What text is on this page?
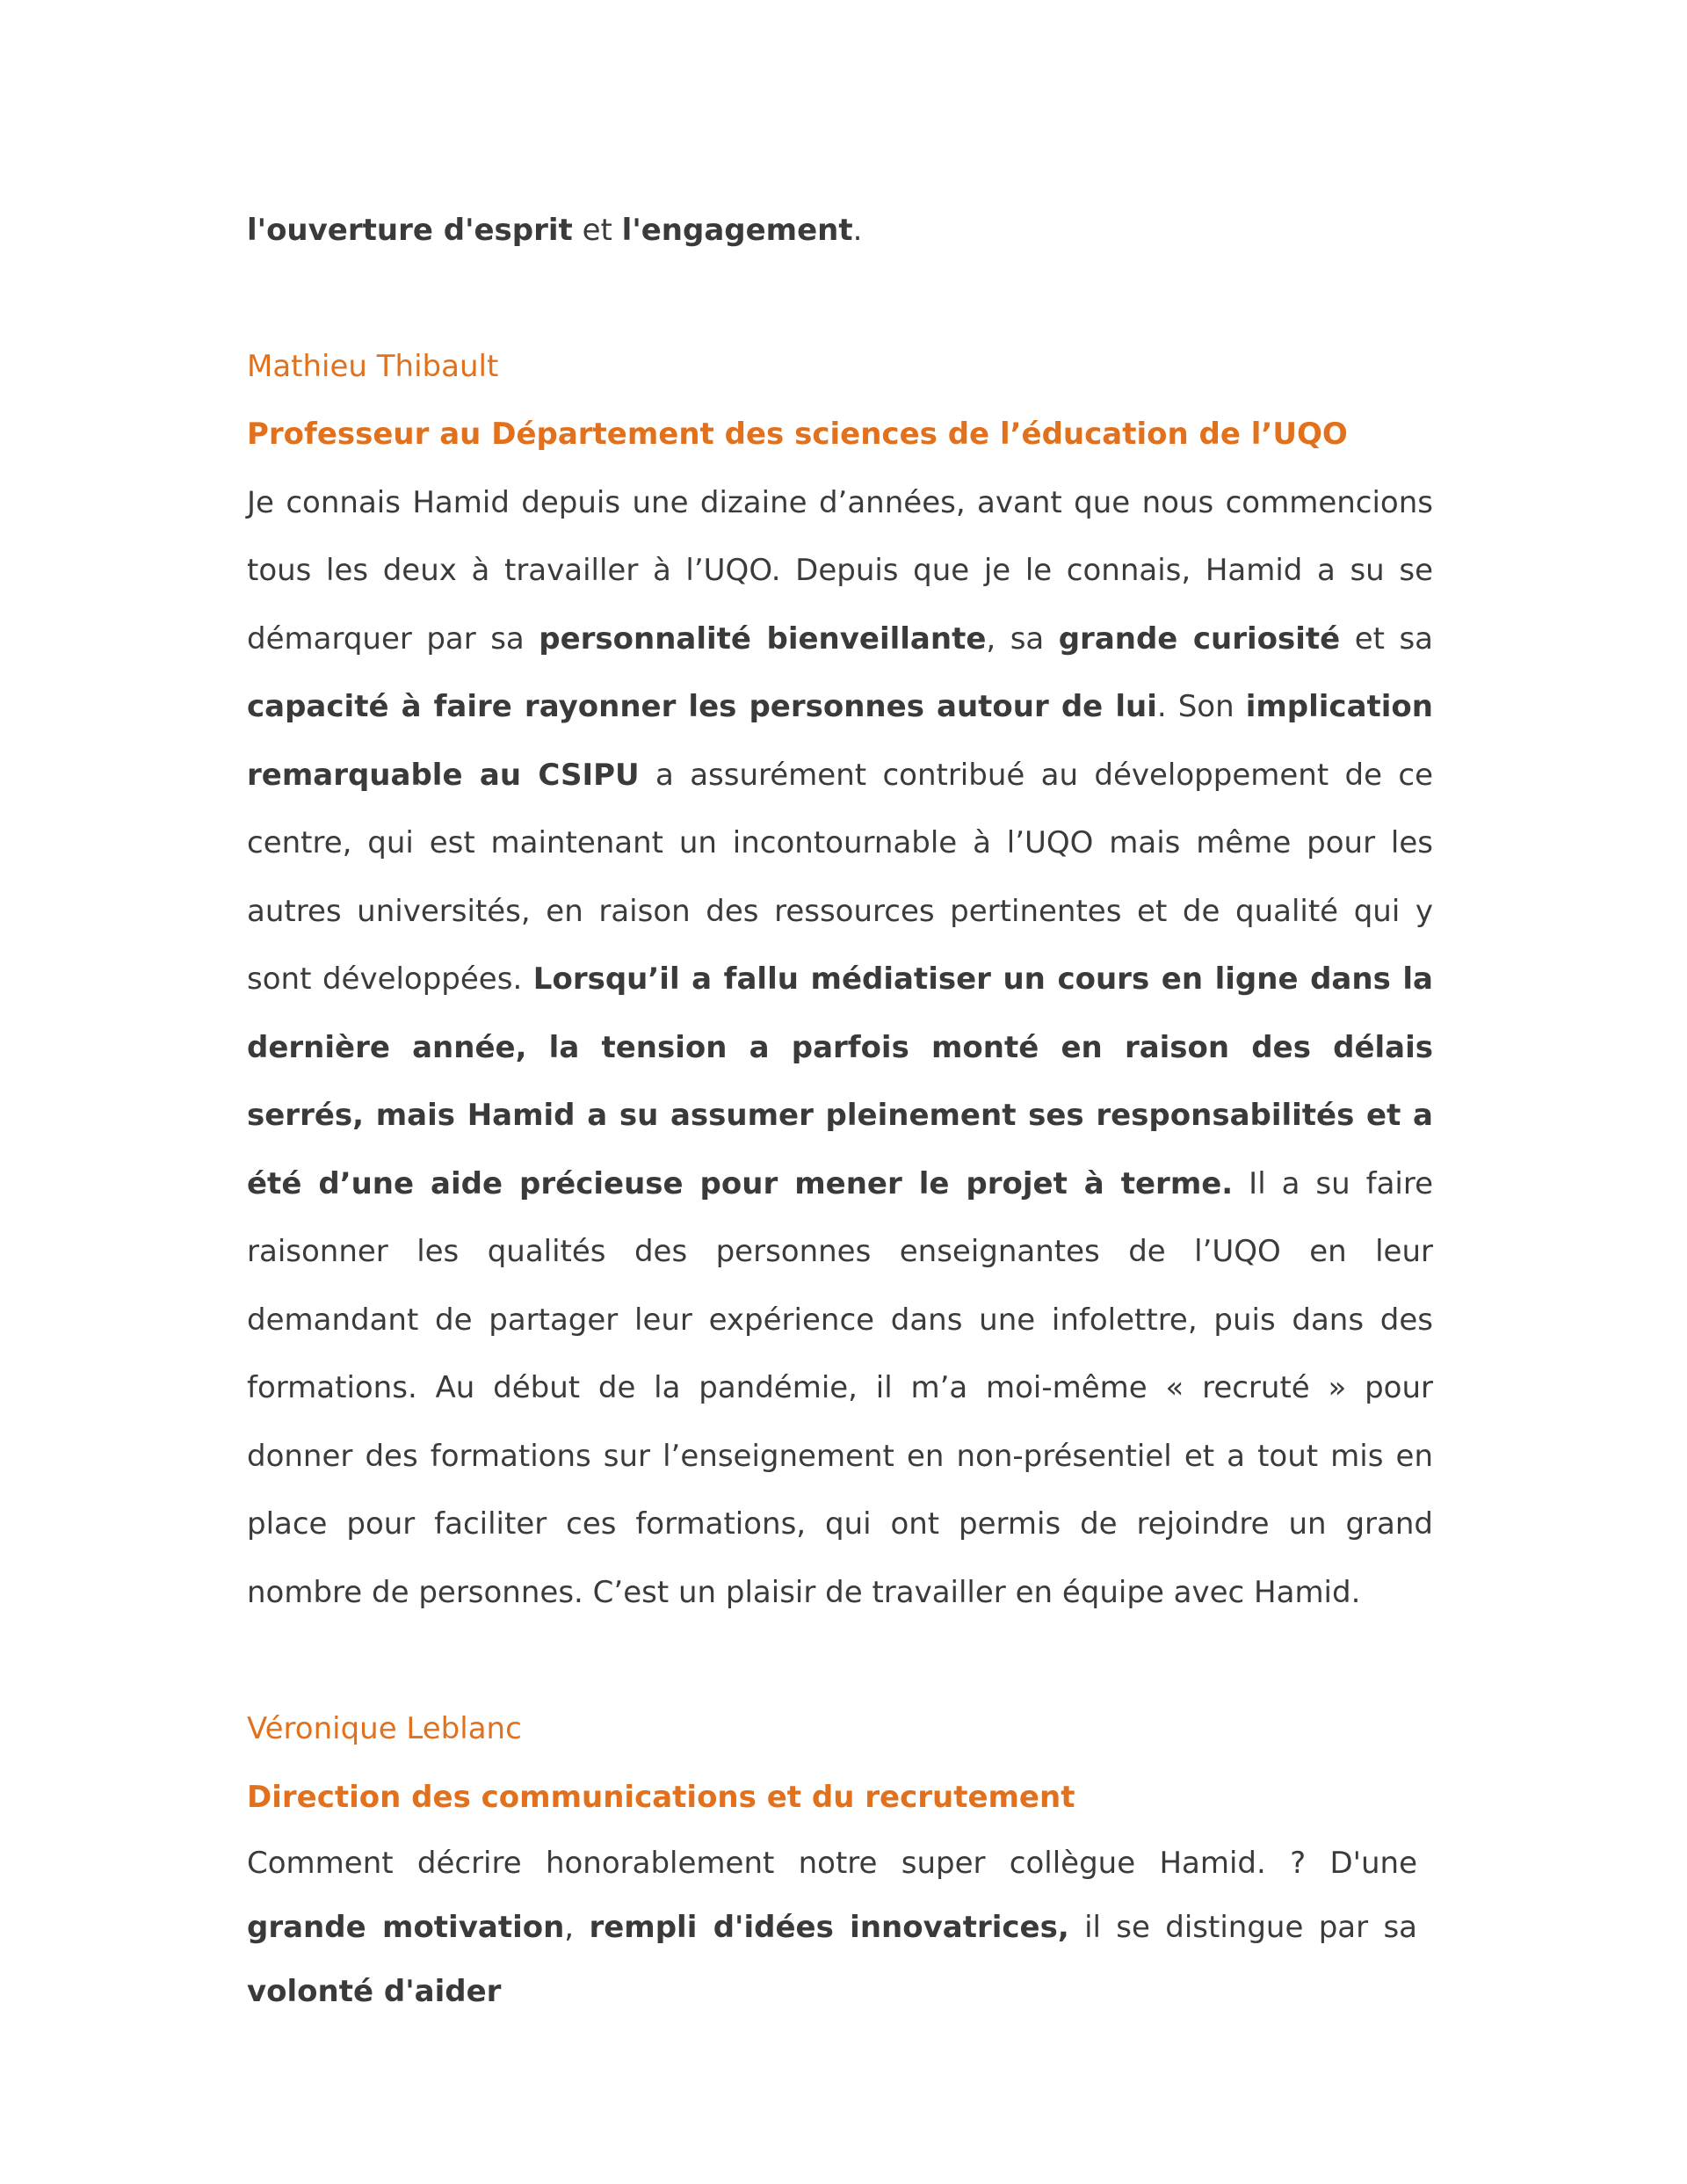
l'ouverture d'esprit et l'engagement.

Mathieu Thibault
Professeur au Département des sciences de l’éducation de l’UQO

Je connais Hamid depuis une dizaine d’années, avant que nous commencions tous les deux à travailler à l’UQO. Depuis que je le connais, Hamid a su se démarquer par sa personnalité bienveillante, sa grande curiosité et sa capacité à faire rayonner les personnes autour de lui. Son implication remarquable au CSIPU a assurément contribué au développement de ce centre, qui est maintenant un incontournable à l’UQO mais même pour les autres universités, en raison des ressources pertinentes et de qualité qui y sont développées. Lorsqu’il a fallu médiatiser un cours en ligne dans la dernière année, la tension a parfois monté en raison des délais serrés, mais Hamid a su assumer pleinement ses responsabilités et a été d’une aide précieuse pour mener le projet à terme. Il a su faire raisonner les qualités des personnes enseignantes de l’UQO en leur demandant de partager leur expérience dans une infolettre, puis dans des formations. Au début de la pandémie, il m’a moi-même « recruté » pour donner des formations sur l’enseignement en non-présentiel et a tout mis en place pour faciliter ces formations, qui ont permis de rejoindre un grand nombre de personnes. C’est un plaisir de travailler en équipe avec Hamid.

Véronique Leblanc
Direction des communications et du recrutement

Comment décrire honorablement notre super collègue Hamid. ? D'une grande motivation, rempli d'idées innovatrices, il se distingue par sa volonté d'aider
